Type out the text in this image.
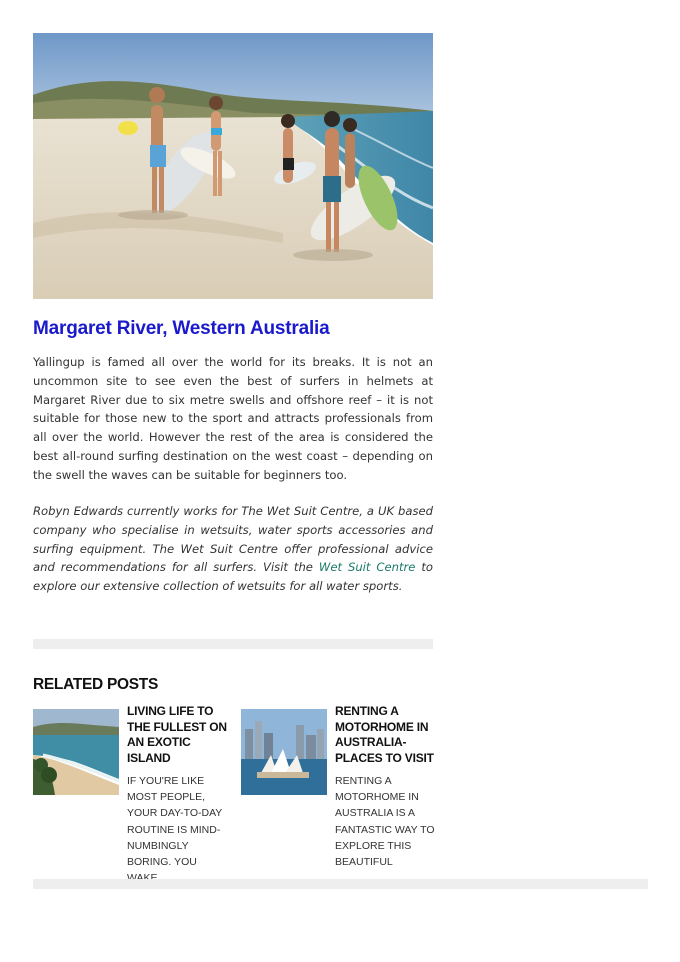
Margaret River, Western Australia

Yallingup is famed all over the world for its breaks. It is not an uncommon site to see even the best of surfers in helmets at Margaret River due to six metre swells and offshore reef – it is not suitable for those new to the sport and attracts professionals from all over the world. However the rest of the area is considered the best all-round surfing destination on the west coast – depending on the swell the waves can be suitable for beginners too.

Robyn Edwards currently works for The Wet Suit Centre, a UK based company who specialise in wetsuits, water sports accessories and surfing equipment. The Wet Suit Centre offer professional advice and recommendations for all surfers. Visit the Wet Suit Centre to explore our extensive collection of wetsuits for all water sports.

RELATED POSTS

LIVING LIFE TO THE FULLEST ON AN EXOTIC ISLAND

IF YOU'RE LIKE MOST PEOPLE, YOUR DAY-TO-DAY ROUTINE IS MIND-NUMBINGLY BORING. YOU

RENTING A MOTORHOME IN AUSTRALIA- PLACES TO VISIT

RENTING A MOTORHOME IN AUSTRALIA IS A FANTASTIC WAY TO EXPLORE THIS BEAUTIFUL
